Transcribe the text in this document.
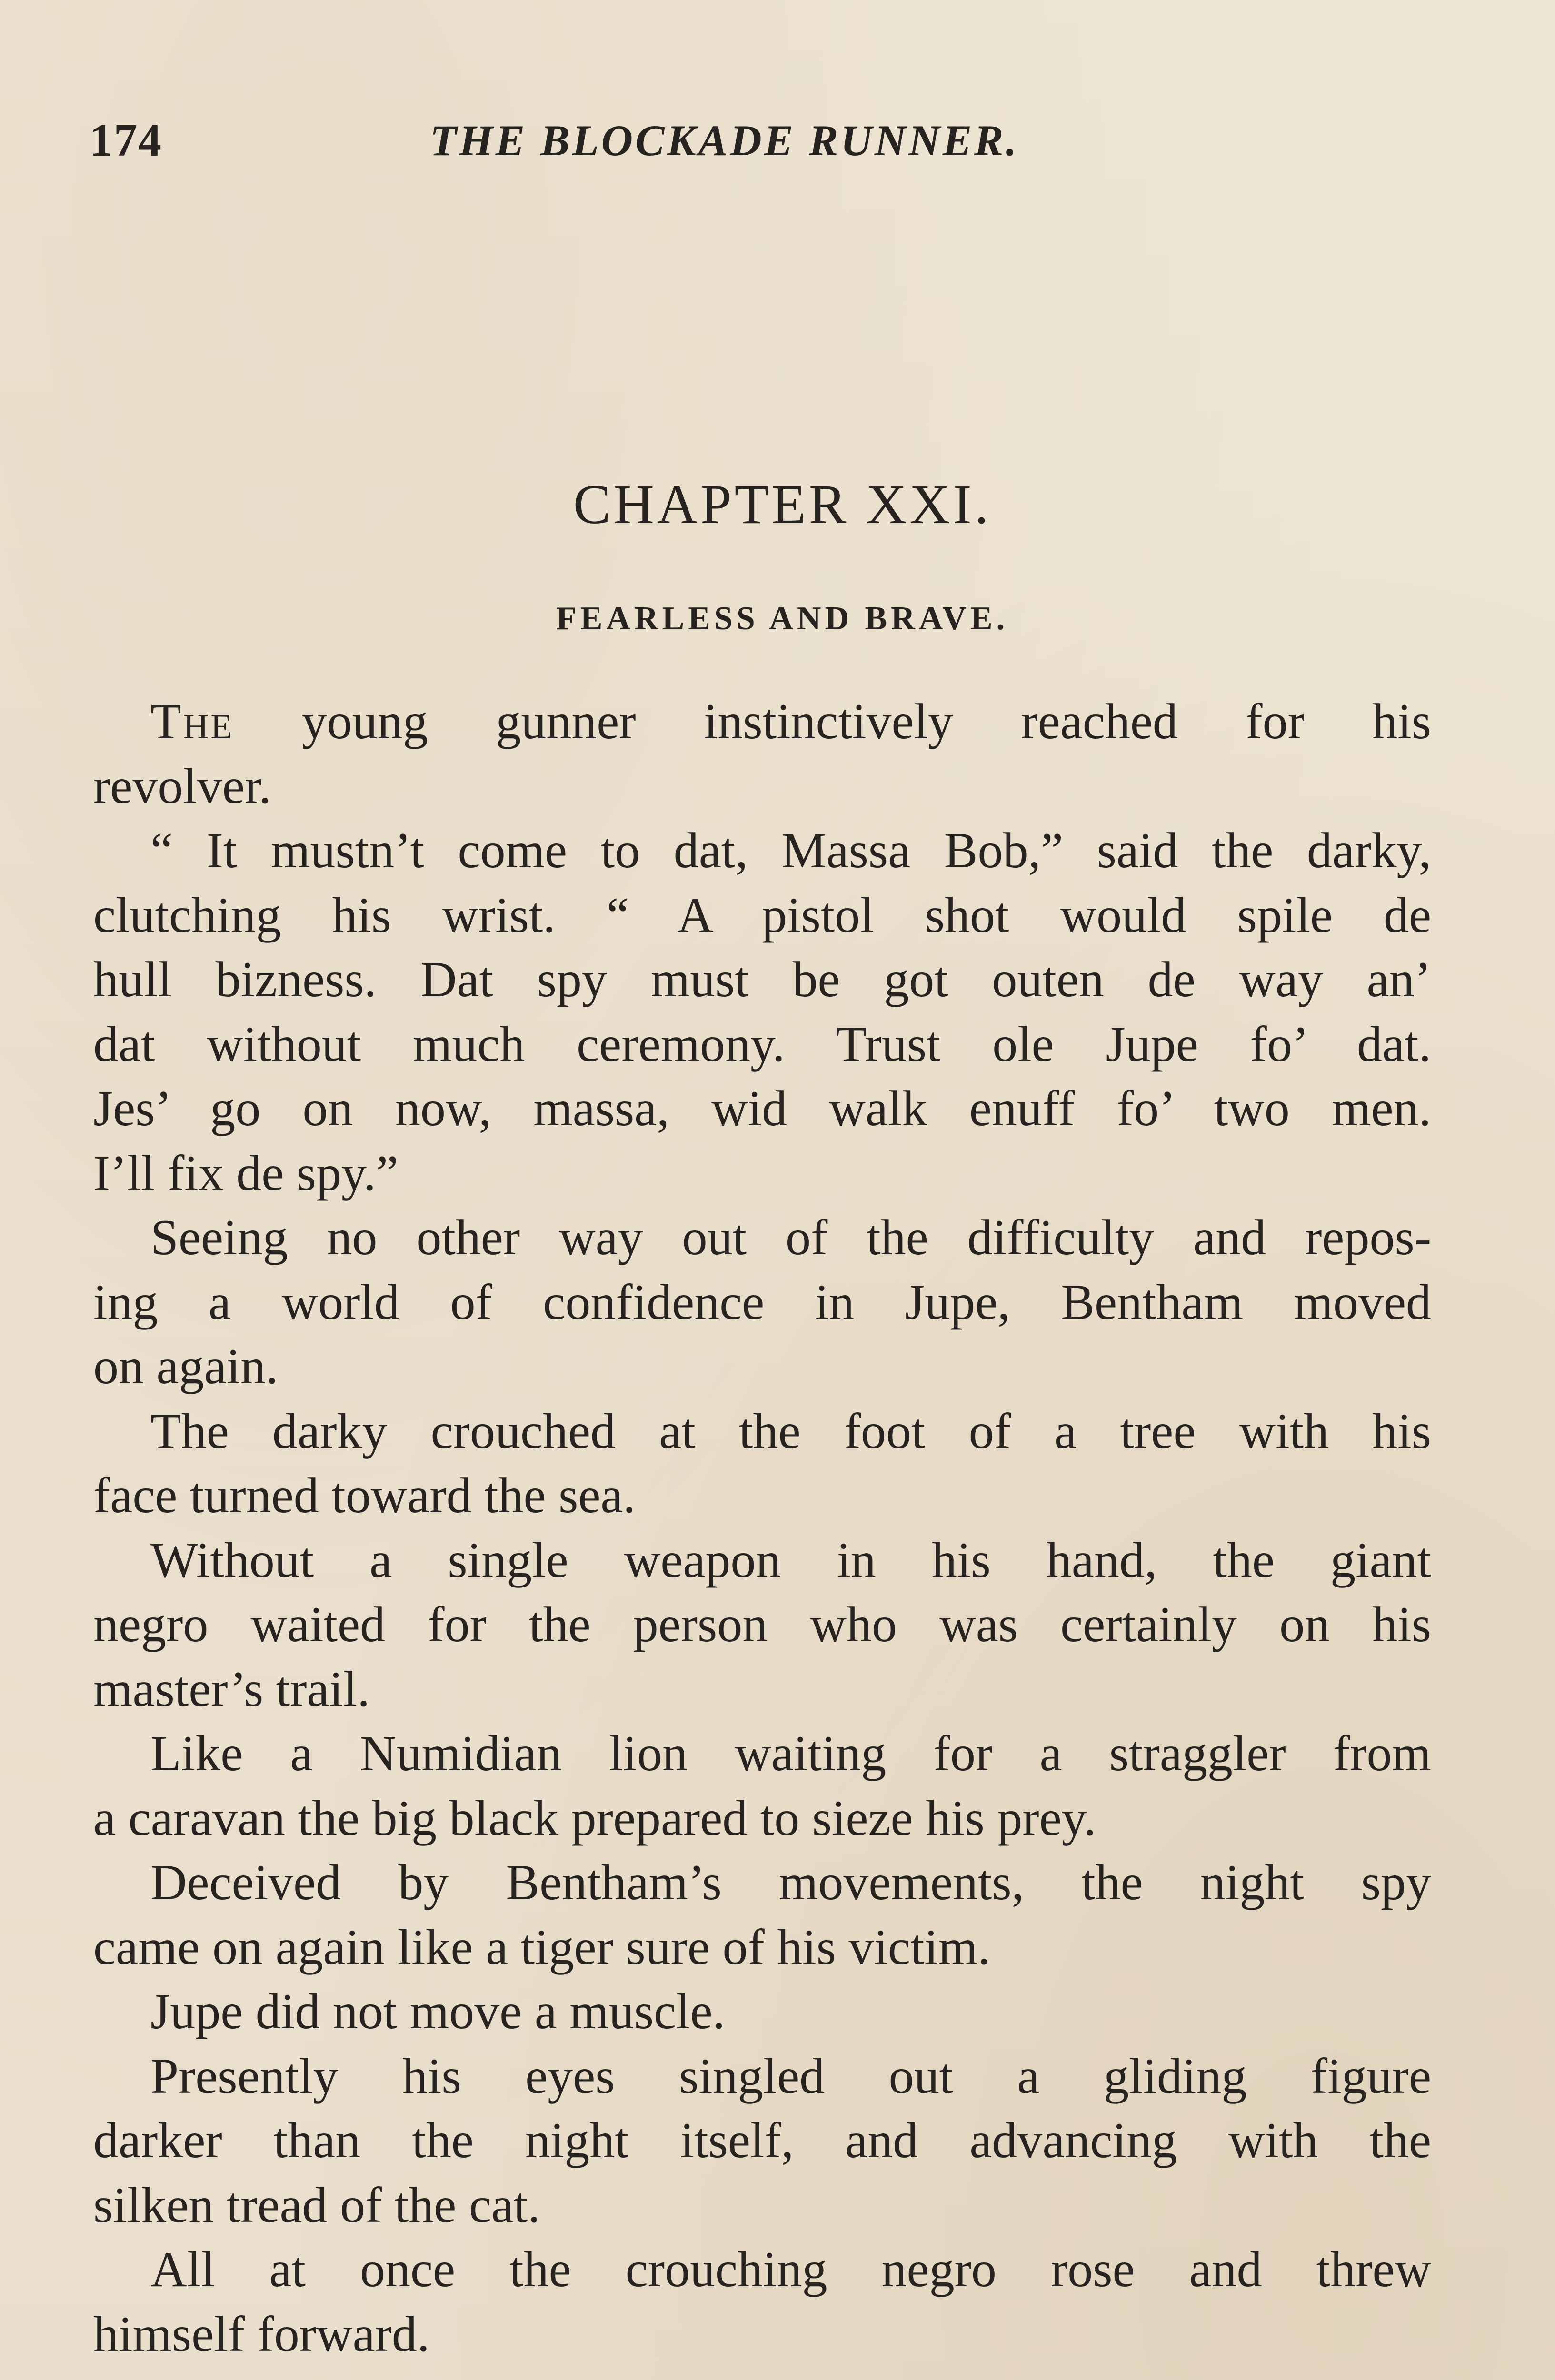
174	THE BLOCKADE RUNNER.
CHAPTER XXI.
FEARLESS AND BRAVE.
The young gunner instinctively reached for his
revolver.
“ It mustn’t come to dat, Massa Bob,” said the darky,
clutching his wrist. “ A pistol shot would spile de
hull bizness. Dat spy must be got outen de way an’
dat without much ceremony. Trust ole Jupe fo’ dat.
Jes’ go on now, massa, wid walk enuff fo’ two men.
I’ll fix de spy.”
Seeing no other way out of the difficulty and repos-
ing a world of confidence in Jupe, Bentham moved
on again.
The darky crouched at the foot of a tree with his
face turned toward the sea.
Without a single weapon in his hand, the giant
negro waited for the person who was certainly on his
master’s trail.
Like a Numidian lion waiting for a straggler from
a caravan the big black prepared to sieze his prey.
Deceived by Bentham’s movements, the night spy
came on again like a tiger sure of his victim.
Jupe did not move a muscle.
Presently his eyes singled out a gliding figure
darker than the night itself, and advancing with the
silken tread of the cat.
All at once the crouching negro rose and threw
himself forward.
